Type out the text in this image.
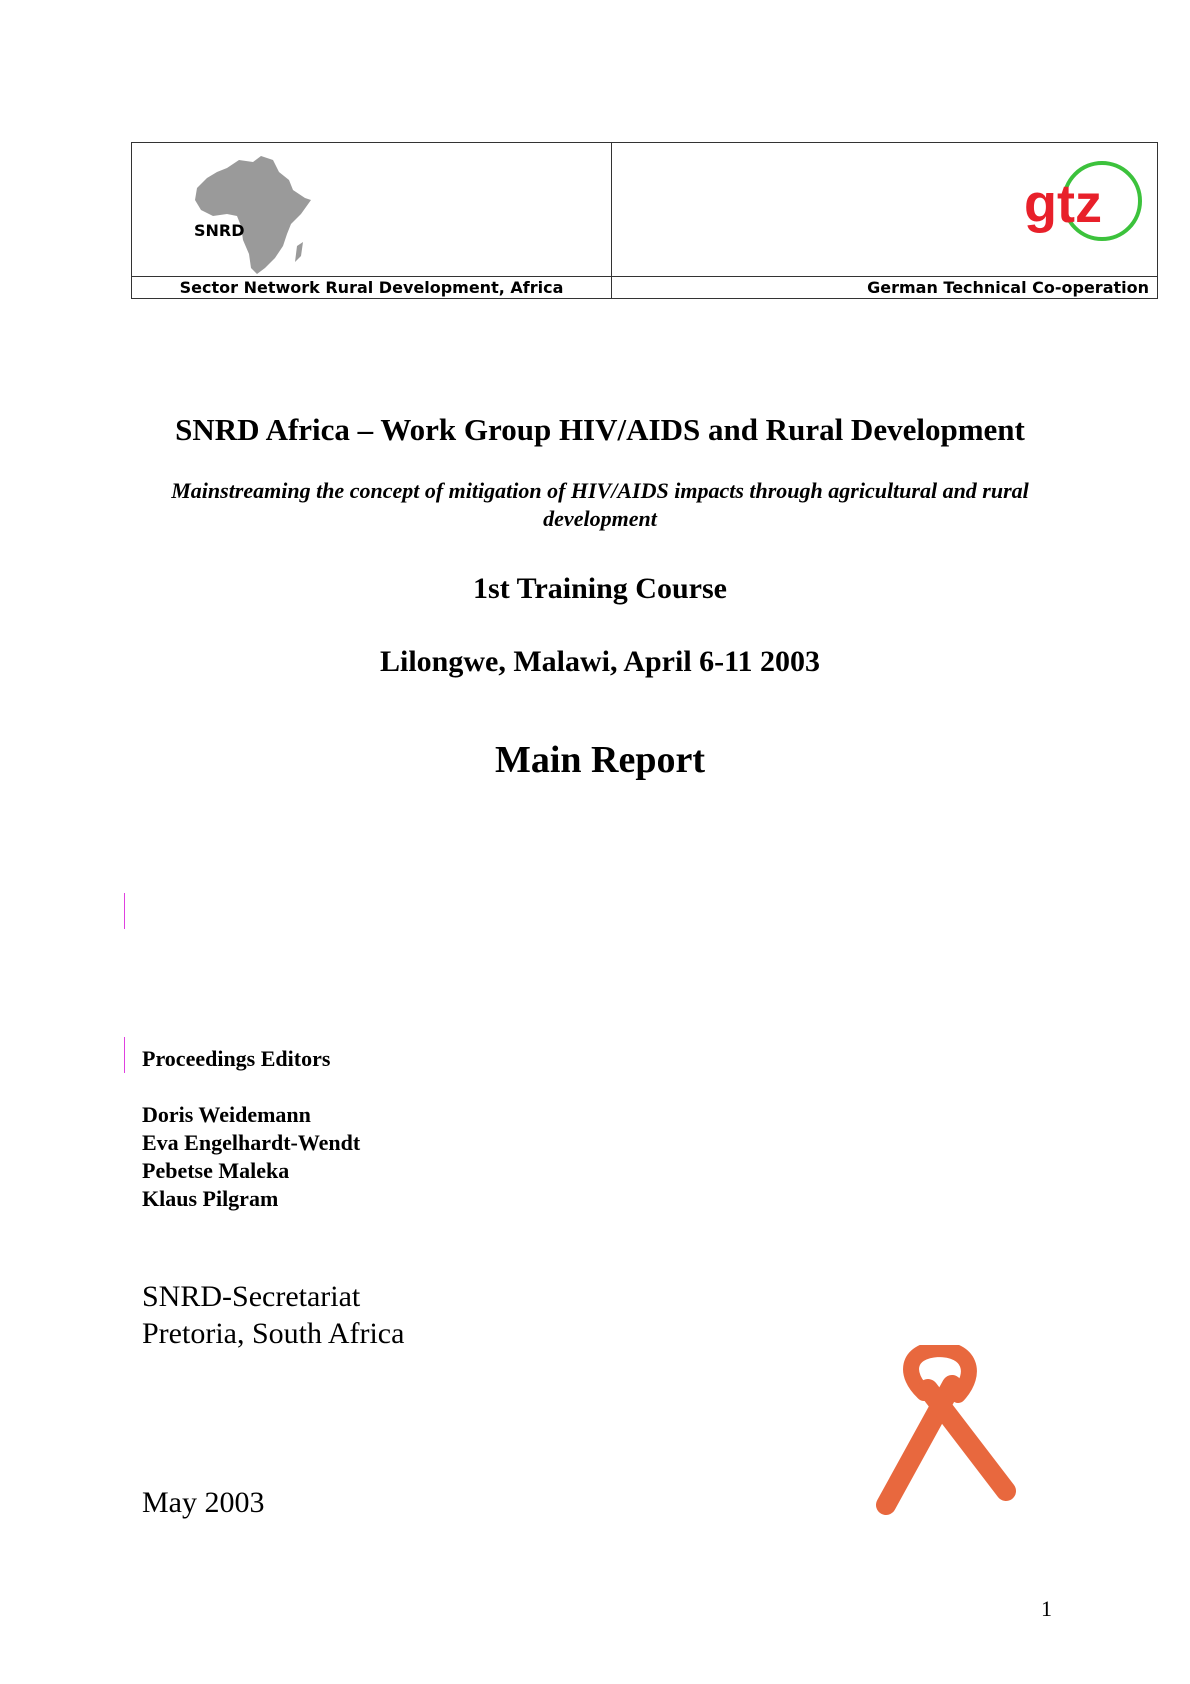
SNRD	gtz
Sector Network Rural Development, Africa	German Technical Co-operation
SNRD Africa – Work Group HIV/AIDS and Rural Development
Mainstreaming the concept of mitigation of HIV/AIDS impacts through agricultural and rural development
1st Training Course
Lilongwe, Malawi, April 6-11 2003
Main Report
Proceedings Editors
Doris Weidemann
Eva Engelhardt-Wendt
Pebetse Maleka
Klaus Pilgram
SNRD-Secretariat
Pretoria, South Africa
May 2003
1
